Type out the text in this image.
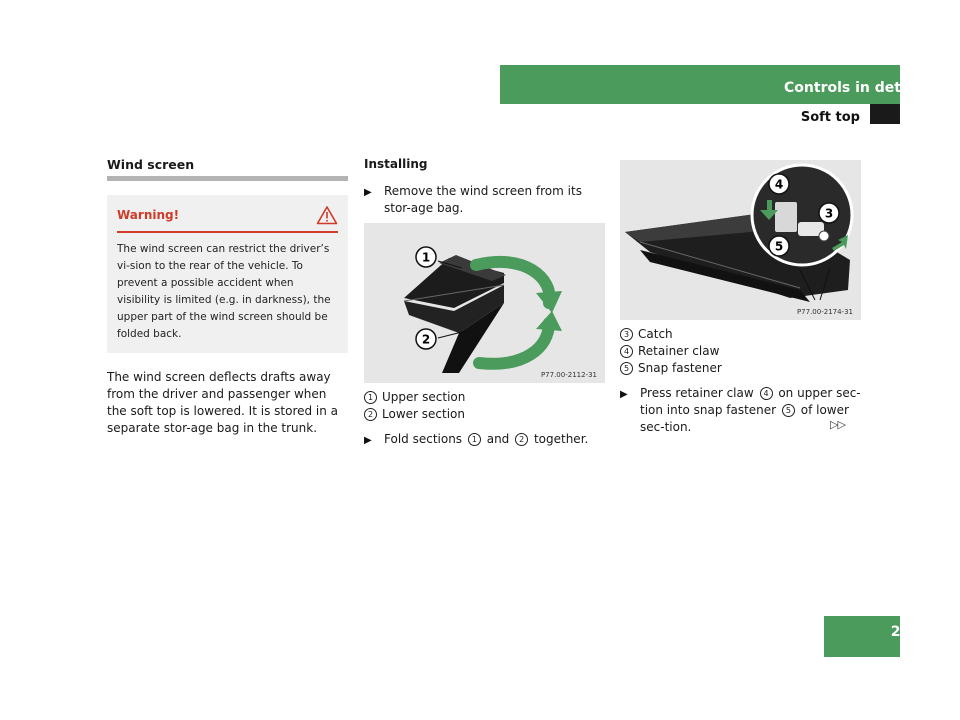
Controls in detail
Soft top

Wind screen

Warning!

The wind screen can restrict the driver’s vi-sion to the rear of the vehicle. To prevent a possible accident when visibility is limited (e.g. in darkness), the upper part of the wind screen should be folded back.

The wind screen deflects drafts away from the driver and passenger when the soft top is lowered. It is stored in a separate stor-age bag in the trunk.

Installing

▶	Remove the wind screen from its stor-age bag.
1
2
P77.00-2112-31

1 Upper section

2 Lower section

▶	Fold sections 1 and 2 together.
4
3
5
P77.00-2174-31

3 Catch

4 Retainer claw

5 Snap fastener

▶	Press retainer claw 4 on upper sec-tion into snap fastener 5 of lower sec-tion.	▷▷
261
